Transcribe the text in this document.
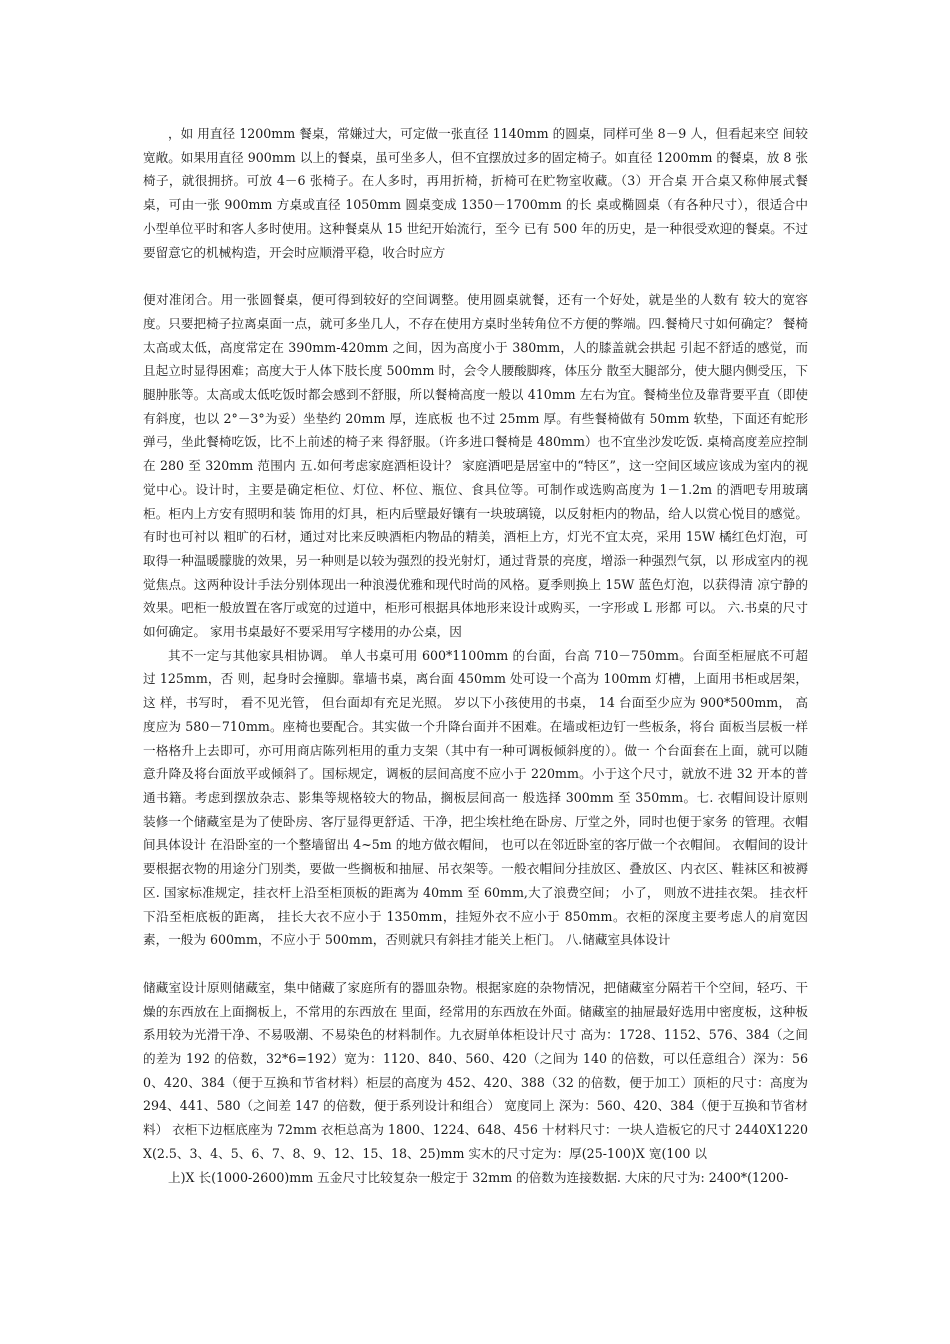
，如 用直径 1200mm 餐桌，常嫌过大，可定做一张直径 1140mm 的圆桌，同样可坐 8－9 人，但看起来空 间较宽敞。如果用直径 900mm 以上的餐桌，虽可坐多人，但不宜摆放过多的固定椅子。如直径 1200mm 的餐桌，放 8 张椅子，就很拥挤。可放 4－6 张椅子。在人多时，再用折椅，折椅可在贮物室收藏。（3）开合桌 开合桌又称伸展式餐桌，可由一张 900mm 方桌或直径 1050mm 圆桌变成 1350－1700mm 的长 桌或椭圆桌（有各种尺寸），很适合中小型单位平时和客人多时使用。这种餐桌从 15 世纪开始流行，至今 已有 500 年的历史，是一种很受欢迎的餐桌。不过要留意它的机械构造，开会时应顺滑平稳，收合时应方

便对准闭合。用一张圆餐桌，便可得到较好的空间调整。使用圆桌就餐，还有一个好处，就是坐的人数有 较大的宽容度。只要把椅子拉离桌面一点，就可多坐几人，不存在使用方桌时坐转角位不方便的弊端。四.餐椅尺寸如何确定？ 餐椅太高或太低，高度常定在 390mm-420mm 之间，因为高度小于 380mm，人的膝盖就会拱起 引起不舒适的感觉，而且起立时显得困难；高度大于人体下肢长度 500mm 时，会令人腰酸脚疼，体压分 散至大腿部分，使大腿内侧受压，下腿肿胀等。太高或太低吃饭时都会感到不舒服，所以餐椅高度一般以 410mm 左右为宜。餐椅坐位及靠背要平直（即使有斜度，也以 2°－3°为妥）坐垫约 20mm 厚，连底板 也不过 25mm 厚。有些餐椅做有 50mm 软垫，下面还有蛇形弹弓，坐此餐椅吃饭，比不上前述的椅子来 得舒服。（许多进口餐椅是 480mm）也不宜坐沙发吃饭. 桌椅高度差应控制在 280 至 320mm 范围内 五.如何考虑家庭酒柜设计？ 家庭酒吧是居室中的“特区”，这一空间区域应该成为室内的视觉中心。设计时，主要是确定柜位、灯位、杯位、瓶位、食具位等。可制作或选购高度为 1－1.2m 的酒吧专用玻璃柜。柜内上方安有照明和装 饰用的灯具，柜内后壁最好镶有一块玻璃镜，以反射柜内的物品，给人以赏心悦目的感觉。有时也可衬以 粗旷的石材，通过对比来反映酒柜内物品的精美，酒柜上方，灯光不宜太亮，采用 15W 橘红色灯泡，可 取得一种温暖朦胧的效果，另一种则是以较为强烈的投光射灯，通过背景的亮度，增添一种强烈气氛，以 形成室内的视觉焦点。这两种设计手法分别体现出一种浪漫优雅和现代时尚的风格。夏季则换上 15W 蓝色灯泡，以获得清 凉宁静的效果。吧柜一般放置在客厅或宽的过道中，柜形可根据具体地形来设计或购买，一字形或 L 形都 可以。 六.书桌的尺寸如何确定。 家用书桌最好不要采用写字楼用的办公桌，因

其不一定与其他家具相协调。 单人书桌可用 600*1100mm 的台面，台高 710－750mm。台面至柜屉底不可超过 125mm，否 则，起身时会撞脚。靠墙书桌，离台面 450mm 处可设一个高为 100mm 灯槽，上面用书柜或居架，这 样，书写时， 看不见光管， 但台面却有充足光照。 岁以下小孩使用的书桌， 14 台面至少应为 900*500mm， 高度应为 580－710mm。座椅也要配合。其实做一个升降台面并不困难。在墙或柜边钉一些板条，将台 面板当层板一样一格格升上去即可，亦可用商店陈列柜用的重力支架（其中有一种可调板倾斜度的）。做一 个台面套在上面，就可以随意升降及将台面放平或倾斜了。国标规定，调板的层间高度不应小于 220mm。小于这个尺寸，就放不进 32 开本的普通书籍。考虑到摆放杂志、影集等规格较大的物品，搁板层间高一 般选择 300mm 至 350mm。七. 衣帽间设计原则 装修一个储藏室是为了使卧房、客厅显得更舒适、干净，把尘埃杜绝在卧房、厅堂之外，同时也便于家务 的管理。衣帽间具体设计 在沿卧室的一个整墙留出 4~5m 的地方做衣帽间， 也可以在邻近卧室的客厅做一个衣帽间。 衣帽间的设计 要根据衣物的用途分门别类，要做一些搁板和抽屉、吊衣架等。一般衣帽间分挂放区、叠放区、内衣区、鞋袜区和被褥区. 国家标准规定，挂衣杆上沿至柜顶板的距离为 40mm 至 60mm,大了浪费空间； 小了， 则放不进挂衣架。 挂衣杆下沿至柜底板的距离， 挂长大衣不应小于 1350mm，挂短外衣不应小于 850mm。衣柜的深度主要考虑人的肩宽因素，一般为 600mm，不应小于 500mm，否则就只有斜挂才能关上柜门。 八.储藏室具体设计

储藏室设计原则储藏室，集中储藏了家庭所有的器皿杂物。根据家庭的杂物情况，把储藏室分隔若干个空间，轻巧、干燥的东西放在上面搁板上，不常用的东西放在 里面，经常用的东西放在外面。储藏室的抽屉最好选用中密度板，这种板系用较为光滑干净、不易吸潮、不易染色的材料制作。九衣厨单体柜设计尺寸 高为：1728、1152、576、384（之间的差为 192 的倍数，32*6=192）宽为：1120、840、560、420（之间为 140 的倍数，可以任意组合）深为：560、420、384（便于互换和节省材料）柜层的高度为 452、420、388（32 的倍数，便于加工）顶柜的尺寸：高度为 294、441、580（之间差 147 的倍数，便于系列设计和组合） 宽度同上 深为：560、420、384（便于互换和节省材料） 衣柜下边框底座为 72mm 衣柜总高为 1800、1224、648、456 十材料尺寸：一块人造板它的尺寸 2440X1220X(2.5、3、4、5、6、7、8、9、12、15、18、25)mm 实木的尺寸定为：厚(25-100)X 宽(100 以

上)X 长(1000-2600)mm 五金尺寸比较复杂一般定于 32mm 的倍数为连接数据. 大床的尺寸为: 2400*(1200-
